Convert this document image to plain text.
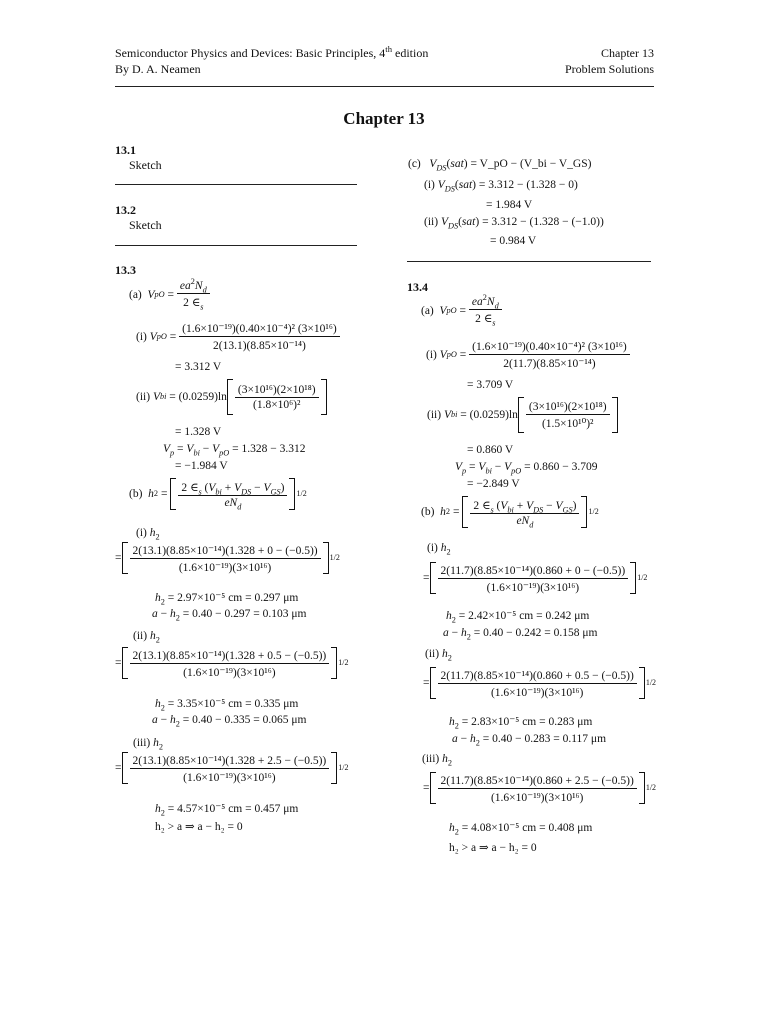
Semiconductor Physics and Devices: Basic Principles, 4th edition
By D. A. Neamen
Chapter 13
Problem Solutions
Chapter 13
13.1
Sketch
13.2
Sketch
13.3
(a)
V pO = $\frac{ea^2N_d}{2 \in_s}$
(i)
V pO = $\frac{\text{(1.6×10⁻¹⁹)(0.40×10⁻⁴)² (3×10¹⁶)}}{\text{2(13.1)(8.85×10⁻¹⁴)}}$
= 3.312 V
(ii)
V bi = $(0.0259)\ln \frac{\text{(3×10¹⁶)(2×10¹⁸)}}{\text{(1.8×10⁶)²}}$
= 1.328 V
$V_p = V_{bi} - V_{pO} = 1.328 - 3.312$
= −1.984 V
(b)
h $2 = \frac{2 \in_s (V_{bi} + V_{DS} - V_{GS})}{eN_d} 1/2$
(i) $h_2$
= $\frac{\text{2(13.1)(8.85×10⁻¹⁴)(1.328 + 0 − (−0.5))}}{\text{(1.6×10⁻¹⁹)(3×10¹⁶)}} 1/2$
$h_2 = 2.97\times 10^{-5}$ cm = 0.297 μm
$a - h_2 = 0.40 - 0.297 = 0.103$ μm
(ii) $h_2$
= $\frac{\text{2(13.1)(8.85×10⁻¹⁴)(1.328 + 0.5 − (−0.5))}}{\text{(1.6×10⁻¹⁹)(3×10¹⁶)}} 1/2$
$h_2 = 3.35\times 10^{-5}$ cm = 0.335 μm
$a - h_2 = 0.40 - 0.335 = 0.065$ μm
(iii) $h_2$
= $\frac{\text{2(13.1)(8.85×10⁻¹⁴)(1.328 + 2.5 − (−0.5))}}{\text{(1.6×10⁻¹⁹)(3×10¹⁶)}} 1/2$
$h_2 = 4.57\times 10^{-5}$ cm = 0.457 μm
h₂ > a ⇒ a − h₂ = 0
(c) $V_{DS}(sat)$ = V_pO − (V_bi − V_GS)
(i) $V_{DS}(sat) = 3.312 - (1.328 - 0)$
= 1.984 V
(ii) $V_{DS}(sat) = 3.312 - (1.328 - (-1.0))$
= 0.984 V
13.4
(a)
V pO = $\frac{ea^2N_d}{2 \in_s}$
(i)
V pO = $\frac{\text{(1.6×10⁻¹⁹)(0.40×10⁻⁴)² (3×10¹⁶)}}{\text{2(11.7)(8.85×10⁻¹⁴)}}$
= 3.709 V
(ii)
V bi = $(0.0259)\ln \frac{\text{(3×10¹⁶)(2×10¹⁸)}}{\text{(1.5×10¹⁰)²}}$
= 0.860 V
$V_p = V_{bi} - V_{pO} = 0.860 - 3.709$
= −2.849 V
(b)
h $2 = \frac{2 \in_s (V_{bi} + V_{DS} - V_{GS})}{eN_d} 1/2$
(i) $h_2$
= $\frac{\text{2(11.7)(8.85×10⁻¹⁴)(0.860 + 0 − (−0.5))}}{\text{(1.6×10⁻¹⁹)(3×10¹⁶)}} 1/2$
$h_2 = 2.42\times 10^{-5}$ cm = 0.242 μm
$a - h_2 = 0.40 - 0.242 = 0.158$ μm
(ii) $h_2$
= $\frac{\text{2(11.7)(8.85×10⁻¹⁴)(0.860 + 0.5 − (−0.5))}}{\text{(1.6×10⁻¹⁹)(3×10¹⁶)}} 1/2$
$h_2 = 2.83\times 10^{-5}$ cm = 0.283 μm
$a - h_2 = 0.40 - 0.283 = 0.117$ μm
(iii) $h_2$
= $\frac{\text{2(11.7)(8.85×10⁻¹⁴)(0.860 + 2.5 − (−0.5))}}{\text{(1.6×10⁻¹⁹)(3×10¹⁶)}} 1/2$
$h_2 = 4.08\times 10^{-5}$ cm = 0.408 μm
h₂ > a ⇒ a − h₂ = 0
